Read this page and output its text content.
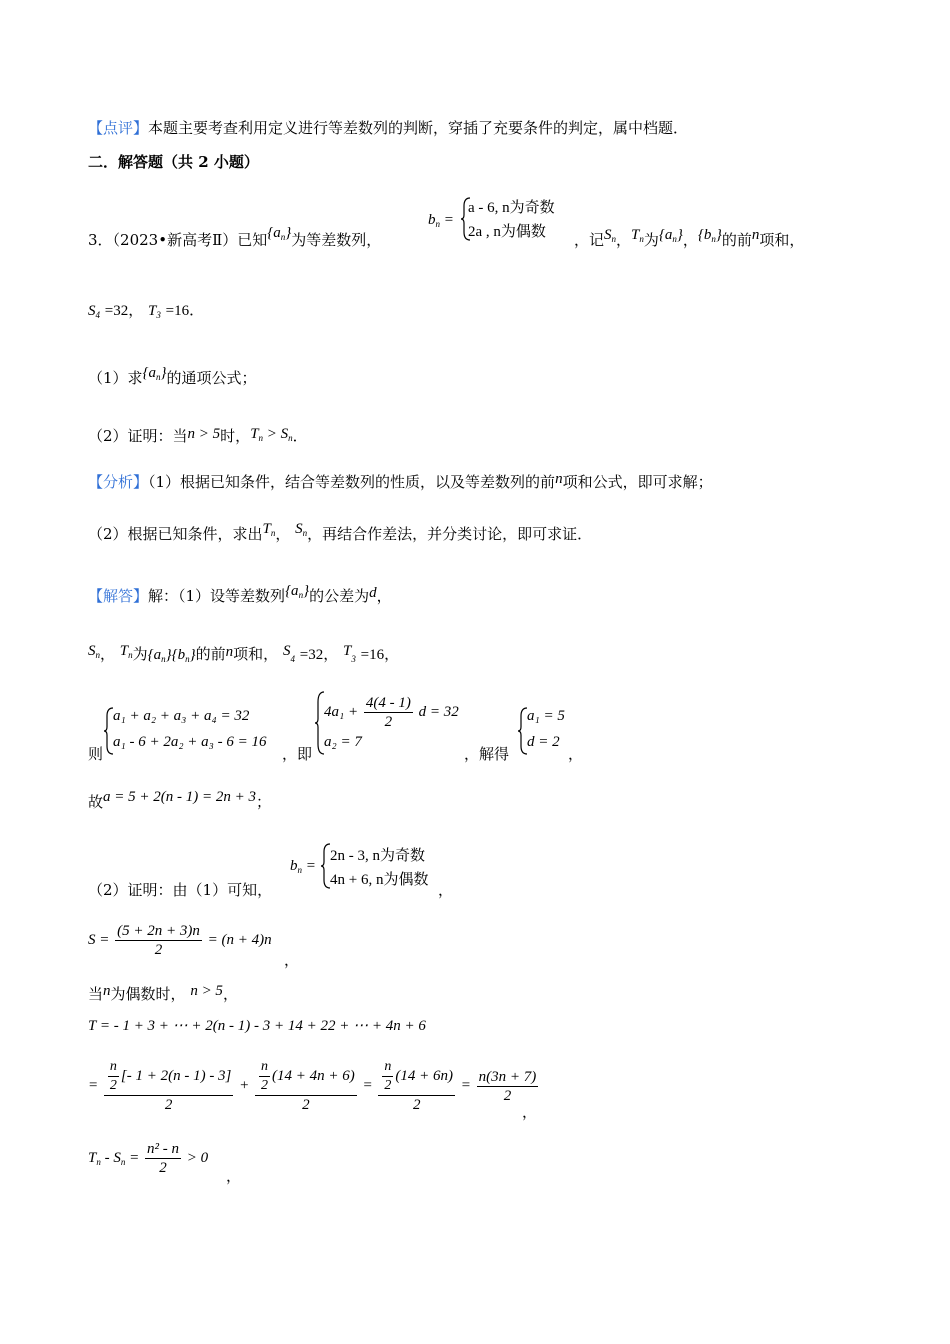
【点评】本题主要考查利用定义进行等差数列的判断，穿插了充要条件的判定，属中档题．
二．解答题（共 2 小题）
3．（2023•新高考Ⅱ）已知$\{a_n\}$为等差数列，
$b_n$ =
a - 6, n为奇数
2a , n为偶数 ，记$S_n$，$T_n$为$\{a_n\}$，$\{b_n\}$的前n项和，
$S_4 =32$， $T_3 =16$．
（1）求$\{a_n\}$的通项公式；
（2）证明：当n > 5时，$T_n > S_n$．
【分析】（1）根据已知条件，结合等差数列的性质，以及等差数列的前n项和公式，即可求解；
（2）根据已知条件，求出$T_n$， $S_n$，再结合作差法，并分类讨论，即可求证．
【解答】解：（1）设等差数列$\{a_n\}$的公差为d，
$S_n$， $T_n$为$\{a_n\}\{b_n\}$的前n项和， $S_4 =32$， $T_3 =16$，
则
a₁ + a₂ + a₃ + a₄ = 32
a₁ - 6 + 2a₂ + a₃ - 6 = 16
，即
$4a_1 + \frac{4(4 - 1)}{2}$ d = 32
a₂ = 7
，解得
a₁ = 5
d = 2
，
故a = 5 + 2(n - 1) = 2n + 3；
（2）证明：由（1）可知，
$b_n$ =
2n - 3, n为奇数
4n + 6, n为偶数
，
$S = \frac{(5 + 2n + 3)n}{2} = (n + 4)n$
，
当n为偶数时， n > 5，
T = - 1 + 3 + ⋯ + 2(n - 1) - 3 + 14 + 22 + ⋯ + 4n + 6
= $\frac{\frac{n}{2} [- 1 + 2(n - 1) - 3]}{2} + \frac{\frac{n}{2} (14 + 4n + 6)}{2} = \frac{\frac{n}{2} (14 + 6n)}{2} = \frac{n(3n + 7)}{2}$
，
$T_n - S_n = \frac{\text{n² - n}}{2} > 0$
，
